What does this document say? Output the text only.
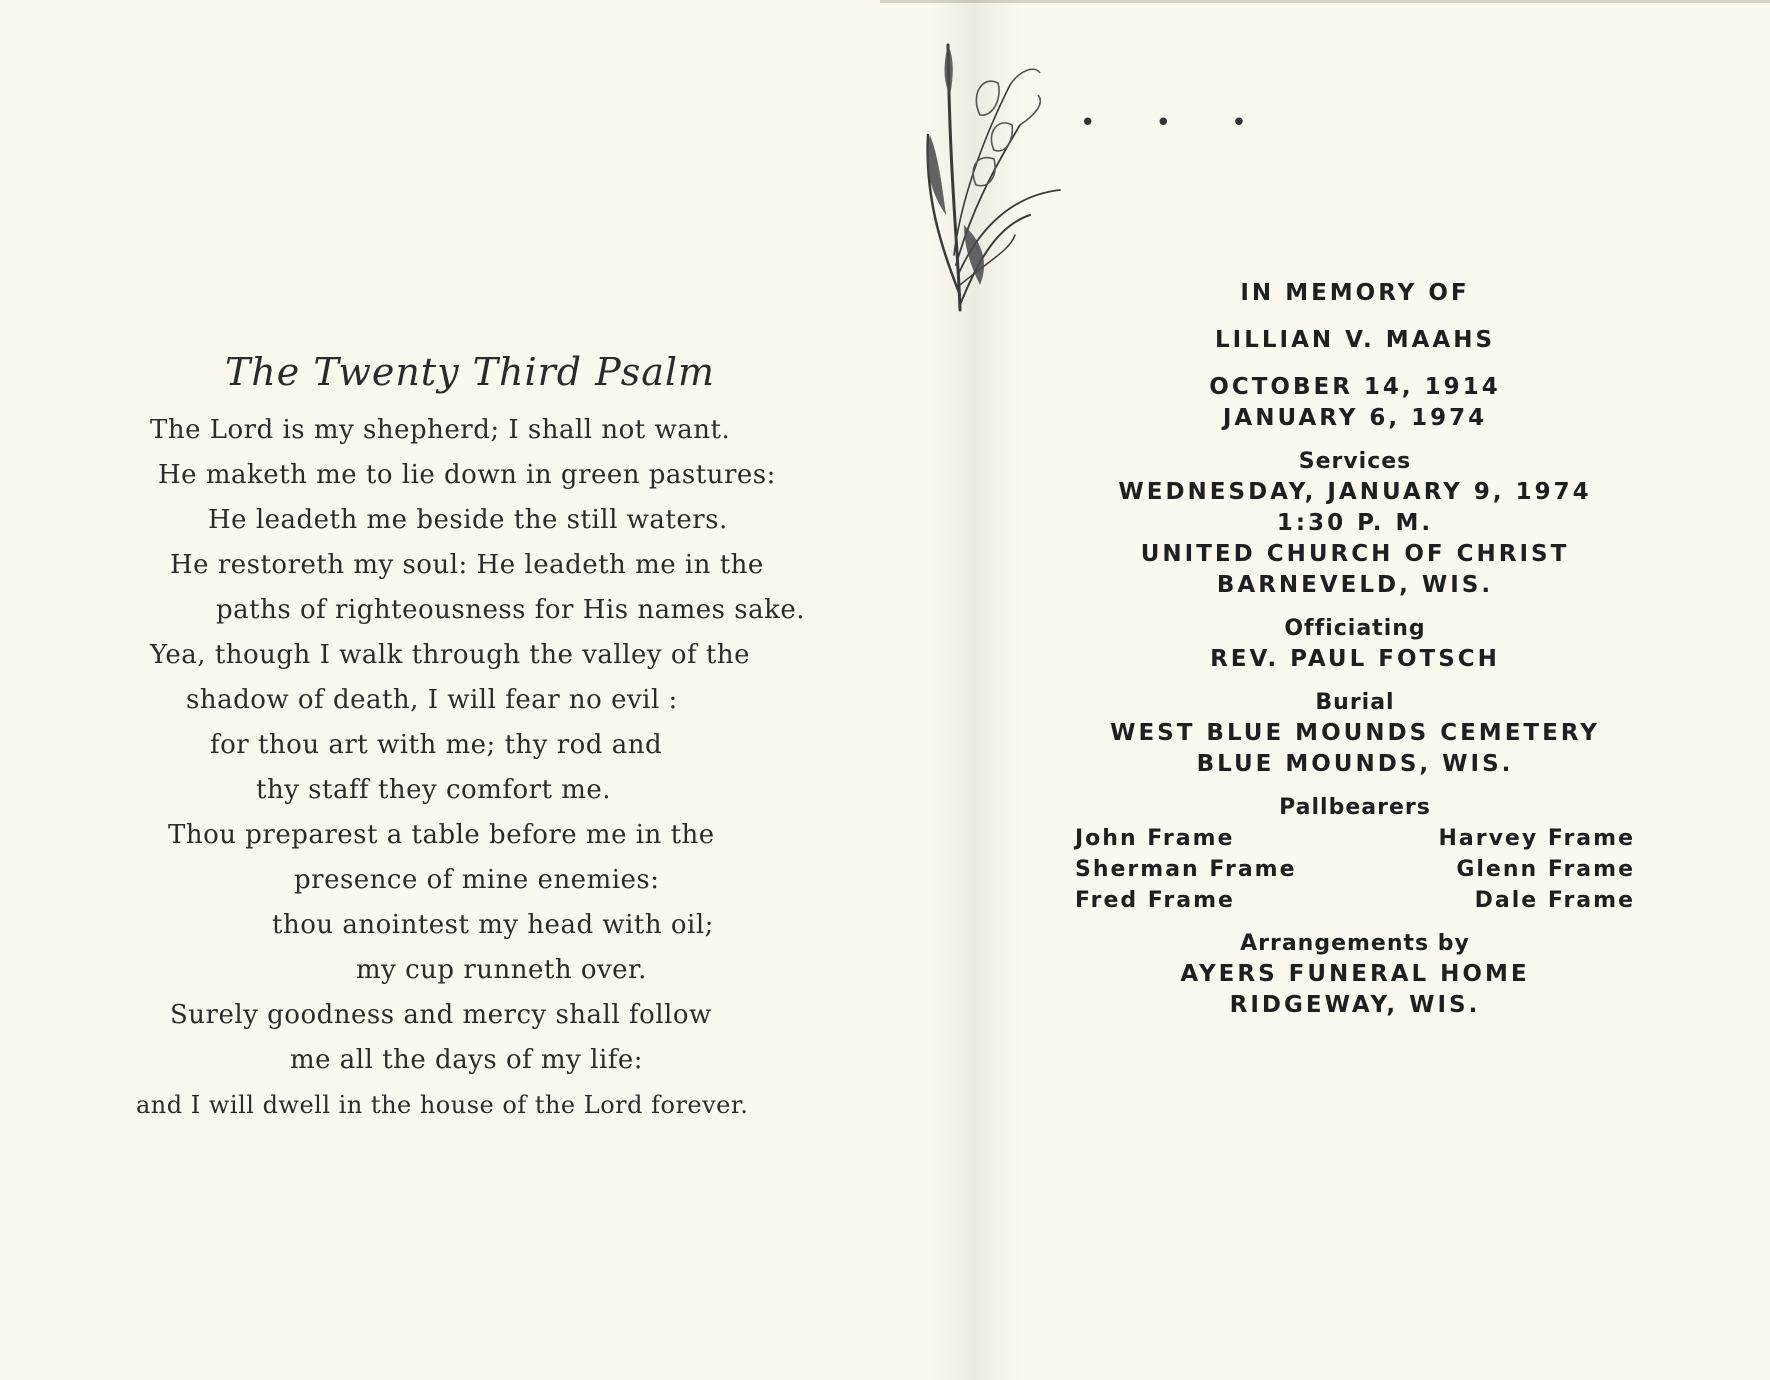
The Twenty Third Psalm
The Lord is my shepherd; I shall not want.
He maketh me to lie down in green pastures:
He leadeth me beside the still waters.
He restoreth my soul: He leadeth me in the
paths of righteousness for His names sake.
Yea, though I walk through the valley of the
shadow of death, I will fear no evil :
for thou art with me; thy rod and
thy staff they comfort me.
Thou preparest a table before me in the
presence of mine enemies:
thou anointest my head with oil;
my cup runneth over.
Surely goodness and mercy shall follow
me all the days of my life:
and I will dwell in the house of the Lord forever.
• • •
IN MEMORY OF
LILLIAN V. MAAHS
OCTOBER 14, 1914
JANUARY 6, 1974
Services
WEDNESDAY, JANUARY 9, 1974
1:30 P. M.
UNITED CHURCH OF CHRIST
BARNEVELD, WIS.
Officiating
REV. PAUL FOTSCH
Burial
WEST BLUE MOUNDS CEMETERY
BLUE MOUNDS, WIS.
Pallbearers
John Frame	Harvey Frame
Sherman Frame	Glenn Frame
Fred Frame	Dale Frame
Arrangements by
AYERS FUNERAL HOME
RIDGEWAY, WIS.
